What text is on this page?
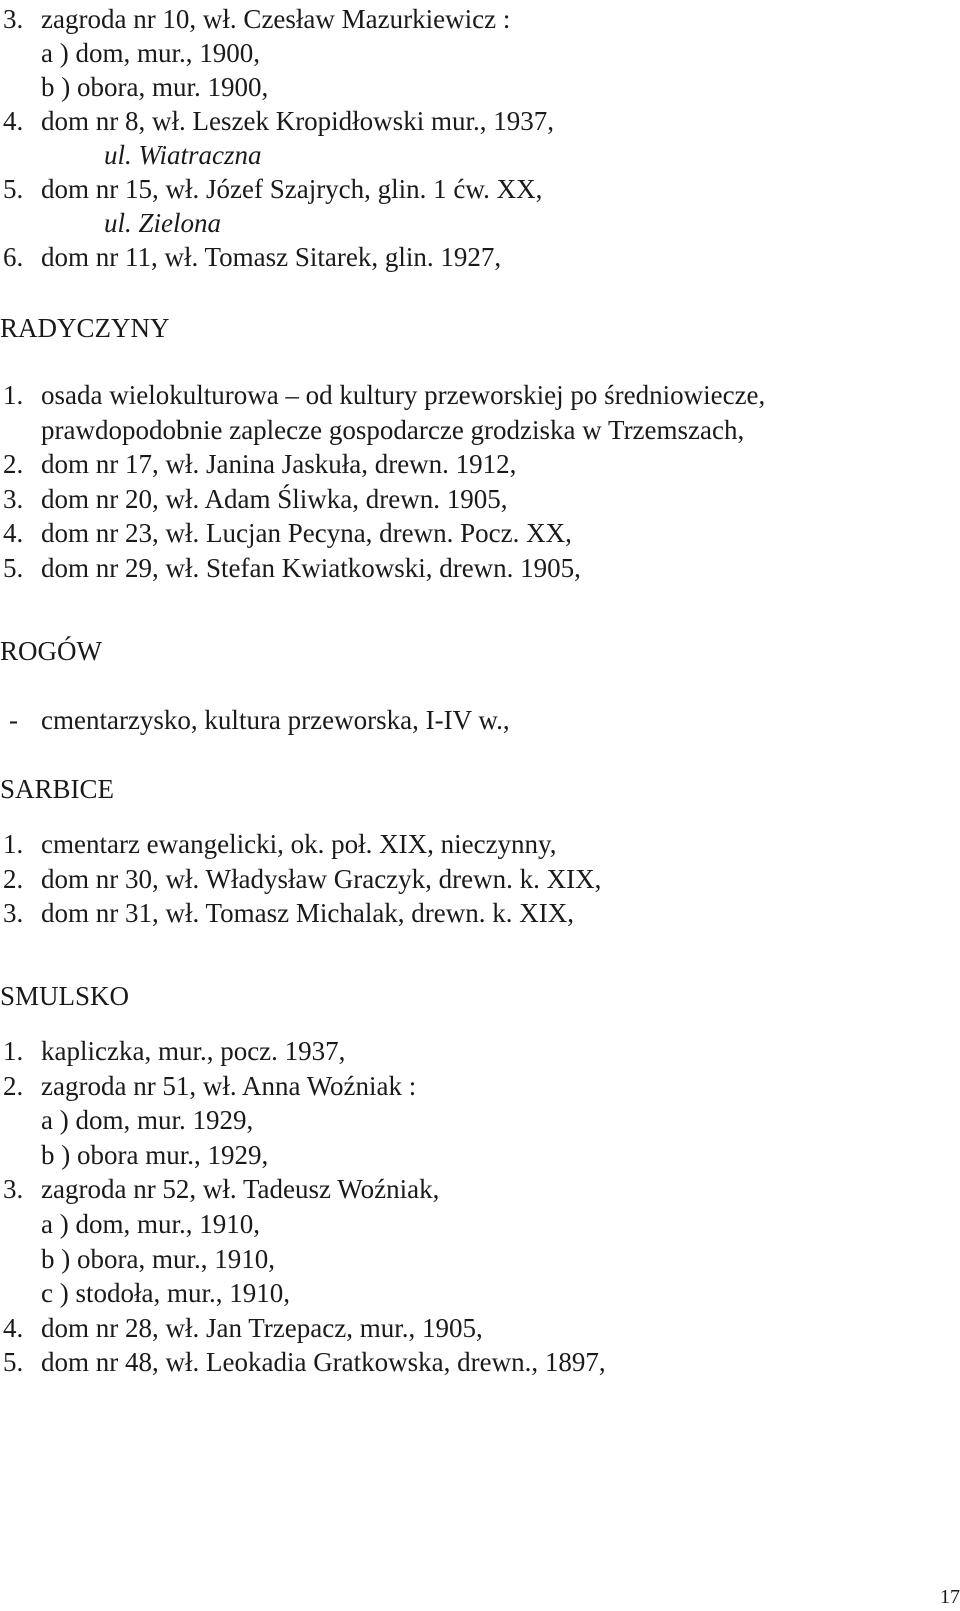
3. zagroda nr 10, wł. Czesław Mazurkiewicz :
a ) dom, mur., 1900,
b ) obora, mur. 1900,
4. dom nr 8, wł. Leszek Kropidłowski mur., 1937,
ul. Wiatraczna
5. dom nr 15, wł. Józef Szajrych, glin. 1 ćw. XX,
ul. Zielona
6. dom nr 11, wł. Tomasz Sitarek, glin. 1927,
RADYCZYNY
1. osada wielokulturowa – od kultury przeworskiej po średniowiecze,
prawdopodobnie zaplecze gospodarcze grodziska w Trzemszach,
2. dom nr 17, wł. Janina Jaskuła, drewn. 1912,
3. dom nr 20, wł. Adam Śliwka, drewn. 1905,
4. dom nr 23, wł. Lucjan Pecyna, drewn. Pocz. XX,
5. dom nr 29, wł. Stefan Kwiatkowski, drewn. 1905,
ROGÓW
- cmentarzysko, kultura przeworska, I-IV w.,
SARBICE
1. cmentarz ewangelicki, ok. poł. XIX, nieczynny,
2. dom nr 30, wł. Władysław Graczyk, drewn. k. XIX,
3. dom nr 31, wł. Tomasz Michalak, drewn. k. XIX,
SMULSKO
1. kapliczka, mur., pocz. 1937,
2. zagroda nr 51, wł. Anna Woźniak :
a ) dom, mur. 1929,
b ) obora mur., 1929,
3. zagroda nr 52, wł. Tadeusz Woźniak,
a ) dom, mur., 1910,
b ) obora, mur., 1910,
c ) stodoła, mur., 1910,
4. dom nr 28, wł. Jan Trzepacz, mur., 1905,
5. dom nr 48, wł. Leokadia Gratkowska, drewn., 1897,
17
